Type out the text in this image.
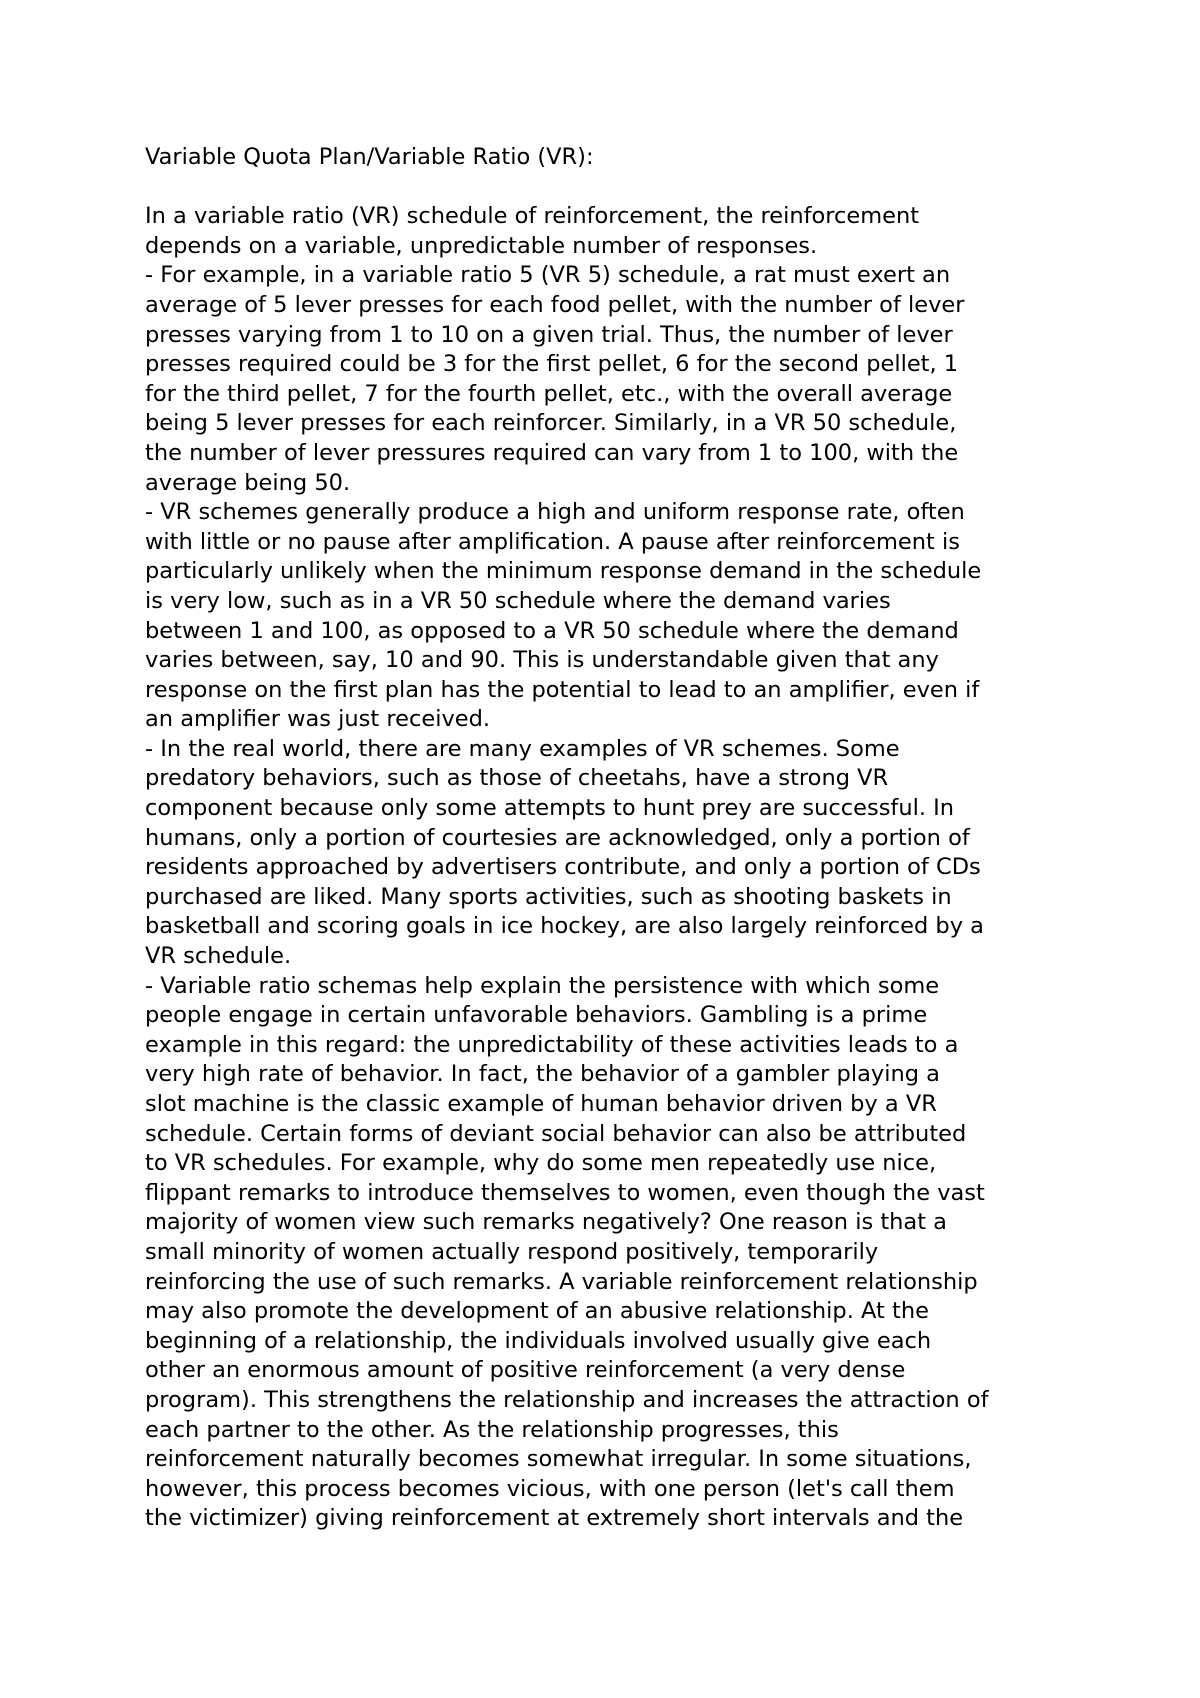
Variable Quota Plan/Variable Ratio (VR):
In a variable ratio (VR) schedule of reinforcement, the reinforcement
depends on a variable, unpredictable number of responses.
- For example, in a variable ratio 5 (VR 5) schedule, a rat must exert an
average of 5 lever presses for each food pellet, with the number of lever
presses varying from 1 to 10 on a given trial. Thus, the number of lever
presses required could be 3 for the first pellet, 6 for the second pellet, 1
for the third pellet, 7 for the fourth pellet, etc., with the overall average
being 5 lever presses for each reinforcer. Similarly, in a VR 50 schedule,
the number of lever pressures required can vary from 1 to 100, with the
average being 50.
- VR schemes generally produce a high and uniform response rate, often
with little or no pause after amplification. A pause after reinforcement is
particularly unlikely when the minimum response demand in the schedule
is very low, such as in a VR 50 schedule where the demand varies
between 1 and 100, as opposed to a VR 50 schedule where the demand
varies between, say, 10 and 90. This is understandable given that any
response on the first plan has the potential to lead to an amplifier, even if
an amplifier was just received.
- In the real world, there are many examples of VR schemes. Some
predatory behaviors, such as those of cheetahs, have a strong VR
component because only some attempts to hunt prey are successful. In
humans, only a portion of courtesies are acknowledged, only a portion of
residents approached by advertisers contribute, and only a portion of CDs
purchased are liked. Many sports activities, such as shooting baskets in
basketball and scoring goals in ice hockey, are also largely reinforced by a
VR schedule.
- Variable ratio schemas help explain the persistence with which some
people engage in certain unfavorable behaviors. Gambling is a prime
example in this regard: the unpredictability of these activities leads to a
very high rate of behavior. In fact, the behavior of a gambler playing a
slot machine is the classic example of human behavior driven by a VR
schedule. Certain forms of deviant social behavior can also be attributed
to VR schedules. For example, why do some men repeatedly use nice,
flippant remarks to introduce themselves to women, even though the vast
majority of women view such remarks negatively? One reason is that a
small minority of women actually respond positively, temporarily
reinforcing the use of such remarks. A variable reinforcement relationship
may also promote the development of an abusive relationship. At the
beginning of a relationship, the individuals involved usually give each
other an enormous amount of positive reinforcement (a very dense
program). This strengthens the relationship and increases the attraction of
each partner to the other. As the relationship progresses, this
reinforcement naturally becomes somewhat irregular. In some situations,
however, this process becomes vicious, with one person (let's call them
the victimizer) giving reinforcement at extremely short intervals and the
